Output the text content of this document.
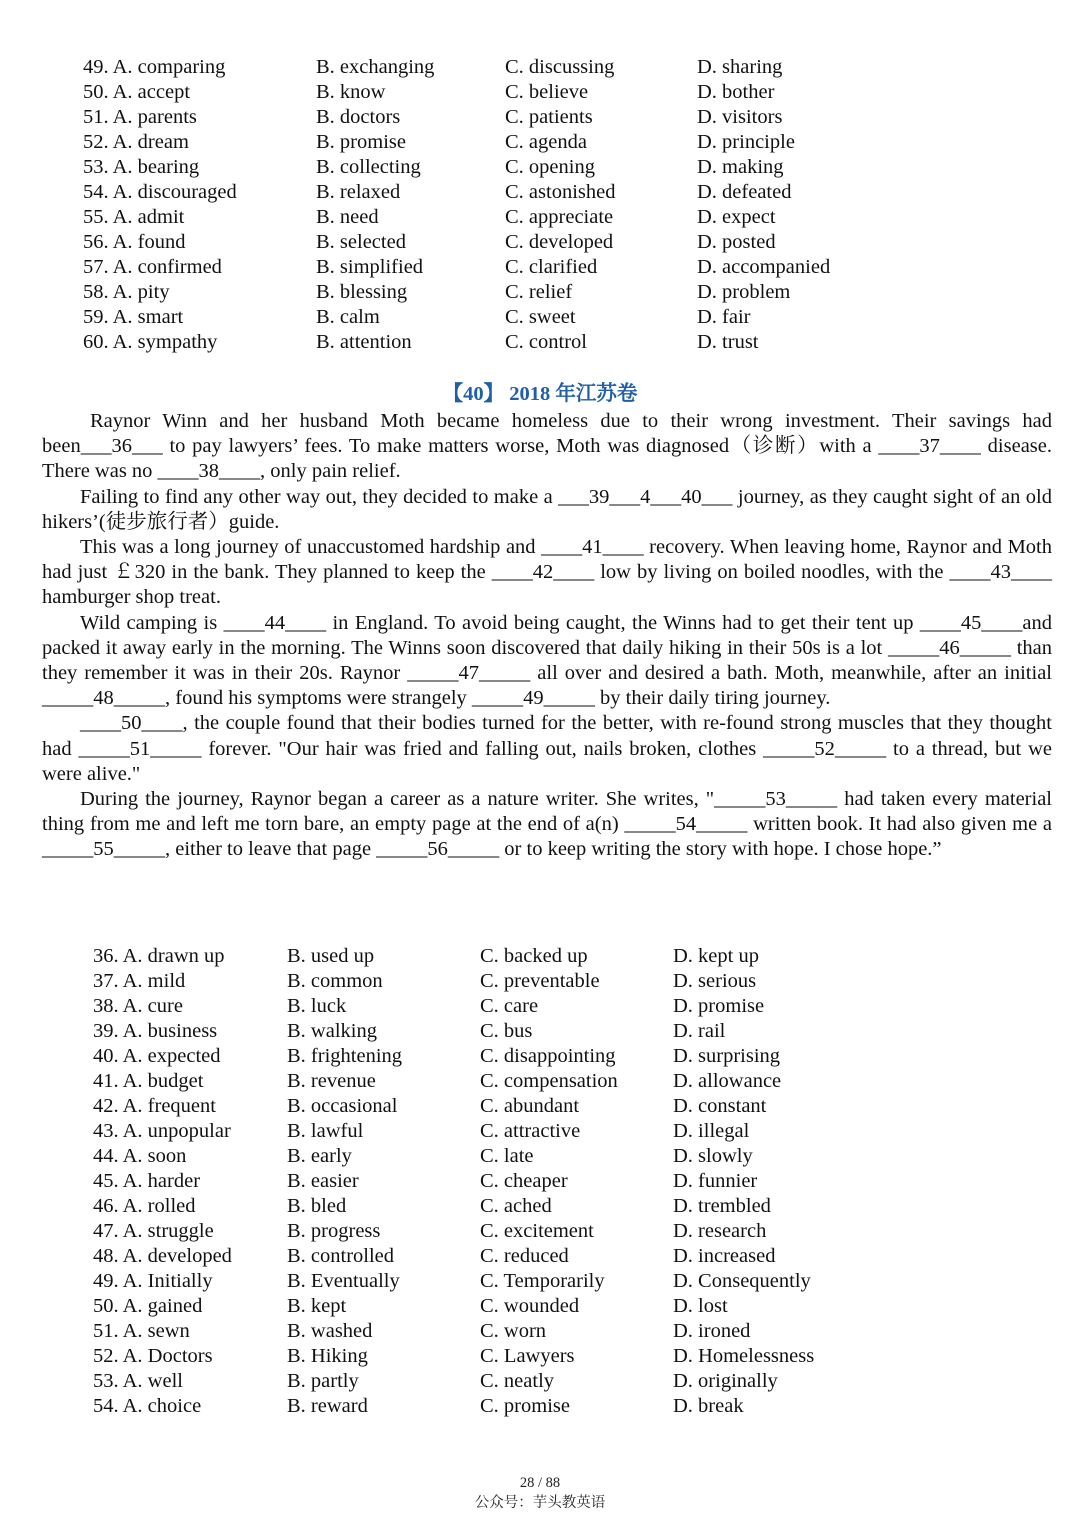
49. A. comparing	B. exchanging	C. discussing	D. sharing
50. A. accept	B. know	C. believe	D. bother
51. A. parents	B. doctors	C. patients	D. visitors
52. A. dream	B. promise	C. agenda	D. principle
53. A. bearing	B. collecting	C. opening	D. making
54. A. discouraged	B. relaxed	C. astonished	D. defeated
55. A. admit	B. need	C. appreciate	D. expect
56. A. found	B. selected	C. developed	D. posted
57. A. confirmed	B. simplified	C. clarified	D. accompanied
58. A. pity	B. blessing	C. relief	D. problem
59. A. smart	B. calm	C. sweet	D. fair
60. A. sympathy	B. attention	C. control	D. trust
【40】 2018 年江苏卷

Raynor Winn and her husband Moth became homeless due to their wrong investment. Their savings had been___36___ to pay lawyers’ fees. To make matters worse, Moth was diagnosed（诊断）with a ____37____ disease. There was no ____38____, only pain relief.

Failing to find any other way out, they decided to make a ___39___4___40___ journey, as they caught sight of an old hikers’(徒步旅行者）guide.

This was a long journey of unaccustomed hardship and ____41____ recovery. When leaving home, Raynor and Moth had just ￡320 in the bank. They planned to keep the ____42____ low by living on boiled noodles, with the ____43____ hamburger shop treat.

Wild camping is ____44____ in England. To avoid being caught, the Winns had to get their tent up ____45____and packed it away early in the morning. The Winns soon discovered that daily hiking in their 50s is a lot _____46_____ than they remember it was in their 20s. Raynor _____47_____ all over and desired a bath. Moth, meanwhile, after an initial _____48_____, found his symptoms were strangely _____49_____ by their daily tiring journey.

____50____, the couple found that their bodies turned for the better, with re-found strong muscles that they thought had _____51_____ forever. "Our hair was fried and falling out, nails broken, clothes _____52_____ to a thread, but we were alive."

During the journey, Raynor began a career as a nature writer. She writes, "_____53_____ had taken every material thing from me and left me torn bare, an empty page at the end of a(n) _____54_____ written book. It had also given me a _____55_____, either to leave that page _____56_____ or to keep writing the story with hope. I chose hope.”

36. A. drawn up	B. used up	C. backed up	D. kept up
37. A. mild	B. common	C. preventable	D. serious
38. A. cure	B. luck	C. care	D. promise
39. A. business	B. walking	C. bus	D. rail
40. A. expected	B. frightening	C. disappointing	D. surprising
41. A. budget	B. revenue	C. compensation	D. allowance
42. A. frequent	B. occasional	C. abundant	D. constant
43. A. unpopular	B. lawful	C. attractive	D. illegal
44. A. soon	B. early	C. late	D. slowly
45. A. harder	B. easier	C. cheaper	D. funnier
46. A. rolled	B. bled	C. ached	D. trembled
47. A. struggle	B. progress	C. excitement	D. research
48. A. developed	B. controlled	C. reduced	D. increased
49. A. Initially	B. Eventually	C. Temporarily	D. Consequently
50. A. gained	B. kept	C. wounded	D. lost
51. A. sewn	B. washed	C. worn	D. ironed
52. A. Doctors	B. Hiking	C. Lawyers	D. Homelessness
53. A. well	B. partly	C. neatly	D. originally
54. A. choice	B. reward	C. promise	D. break
28 / 88
公众号：芋头教英语
